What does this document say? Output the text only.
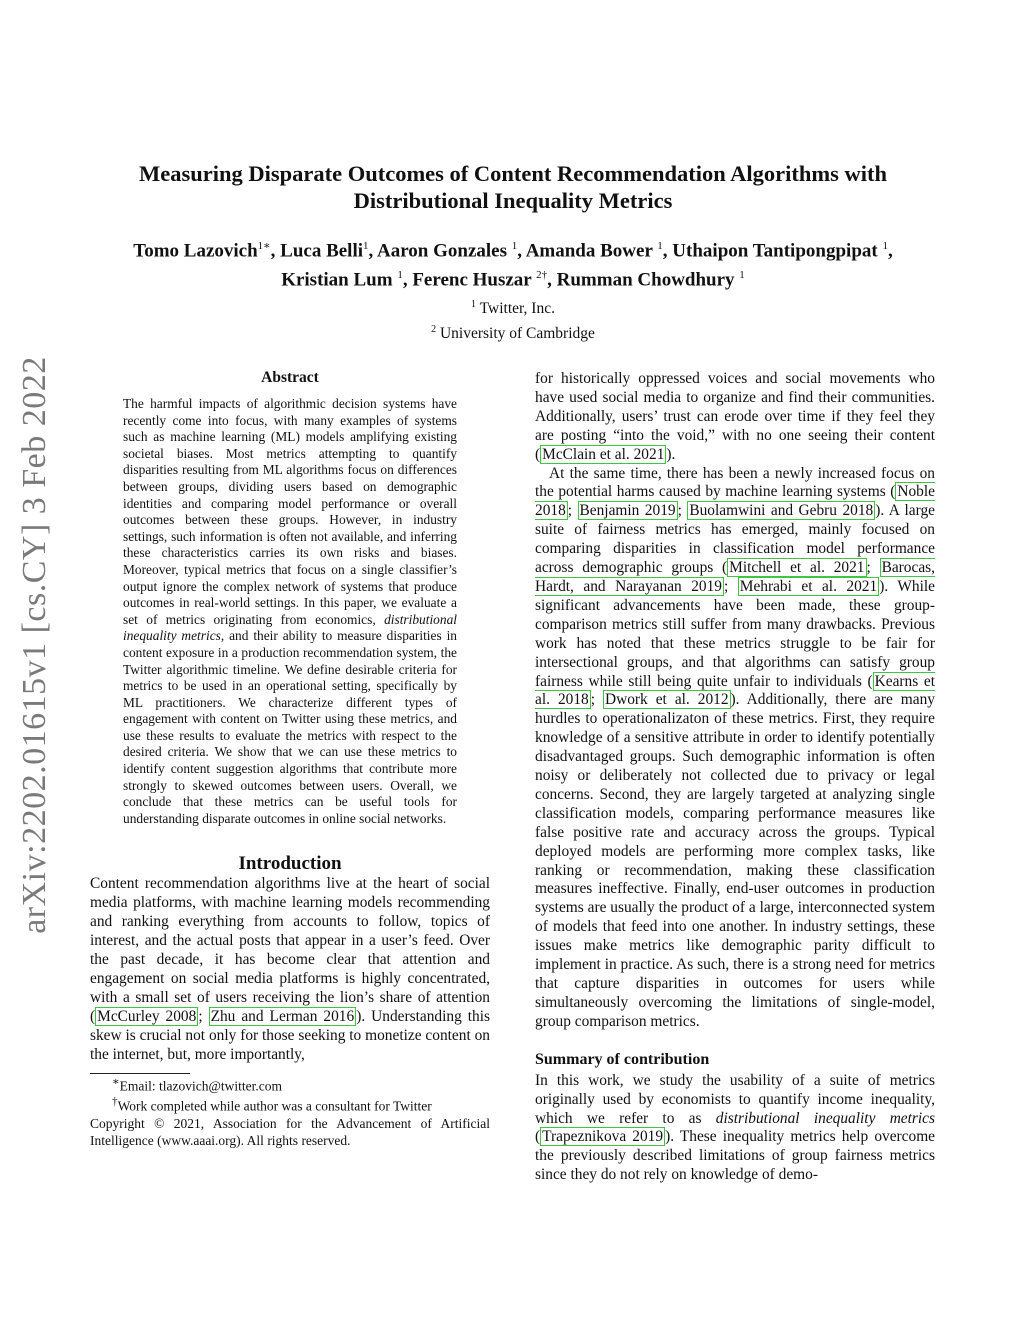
arXiv:2202.01615v1 [cs.CY] 3 Feb 2022
Measuring Disparate Outcomes of Content Recommendation Algorithms with
Distributional Inequality Metrics
Tomo Lazovich$^{1∗}$, Luca Belli$^1$, Aaron Gonzales $^1$, Amanda Bower $^1$, Uthaipon Tantipongpipat $^1$,
Kristian Lum $^1$, Ferenc Huszar $^{2\dagger}$, Rumman Chowdhury $^1$
$^1$ Twitter, Inc.
$^2$ University of Cambridge
Abstract

The harmful impacts of algorithmic decision systems have recently come into focus, with many examples of systems such as machine learning (ML) models amplifying existing societal biases. Most metrics attempting to quantify disparities resulting from ML algorithms focus on differences between groups, dividing users based on demographic identities and comparing model performance or overall outcomes between these groups. However, in industry settings, such information is often not available, and inferring these characteristics carries its own risks and biases. Moreover, typical metrics that focus on a single classifier’s output ignore the complex network of systems that produce outcomes in real-world settings. In this paper, we evaluate a set of metrics originating from economics, distributional inequality metrics, and their ability to measure disparities in content exposure in a production recommendation system, the Twitter algorithmic timeline. We define desirable criteria for metrics to be used in an operational setting, specifically by ML practitioners. We characterize different types of engagement with content on Twitter using these metrics, and use these results to evaluate the metrics with respect to the desired criteria. We show that we can use these metrics to identify content suggestion algorithms that contribute more strongly to skewed outcomes between users. Overall, we conclude that these metrics can be useful tools for understanding disparate outcomes in online social networks.

Introduction

Content recommendation algorithms live at the heart of social media platforms, with machine learning models recommending and ranking everything from accounts to follow, topics of interest, and the actual posts that appear in a user’s feed. Over the past decade, it has become clear that attention and engagement on social media platforms is highly concentrated, with a small set of users receiving the lion’s share of attention ( McCurley 2008 ; Zhu and Lerman 2016 ). Understanding this skew is crucial not only for those seeking to monetize content on the internet, but, more importantly,

∗Email: tlazovich@twitter.com

†Work completed while author was a consultant for Twitter

Copyright © 2021, Association for the Advancement of Artificial Intelligence (www.aaai.org). All rights reserved.

for historically oppressed voices and social movements who have used social media to organize and find their communities. Additionally, users’ trust can erode over time if they feel they are posting “into the void,” with no one seeing their content ( McClain et al. 2021 ).

At the same time, there has been a newly increased focus on the potential harms caused by machine learning systems ( Noble 2018 ; Benjamin 2019 ; Buolamwini and Gebru 2018 ). A large suite of fairness metrics has emerged, mainly focused on comparing disparities in classification model performance across demographic groups ( Mitchell et al. 2021 ; Barocas, Hardt, and Narayanan 2019 ; Mehrabi et al. 2021 ). While significant advancements have been made, these group-comparison metrics still suffer from many drawbacks. Previous work has noted that these metrics struggle to be fair for intersectional groups, and that algorithms can satisfy group fairness while still being quite unfair to individuals ( Kearns et al. 2018 ; Dwork et al. 2012 ). Additionally, there are many hurdles to operationalizaton of these metrics. First, they require knowledge of a sensitive attribute in order to identify potentially disadvantaged groups. Such demographic information is often noisy or deliberately not collected due to privacy or legal concerns. Second, they are largely targeted at analyzing single classification models, comparing performance measures like false positive rate and accuracy across the groups. Typical deployed models are performing more complex tasks, like ranking or recommendation, making these classification measures ineffective. Finally, end-user outcomes in production systems are usually the product of a large, interconnected system of models that feed into one another. In industry settings, these issues make metrics like demographic parity difficult to implement in practice. As such, there is a strong need for metrics that capture disparities in outcomes for users while simultaneously overcoming the limitations of single-model, group comparison metrics.

Summary of contribution

In this work, we study the usability of a suite of metrics originally used by economists to quantify income inequality, which we refer to as distributional inequality metrics ( Trapeznikova 2019 ). These inequality metrics help overcome the previously described limitations of group fairness metrics since they do not rely on knowledge of demo-
